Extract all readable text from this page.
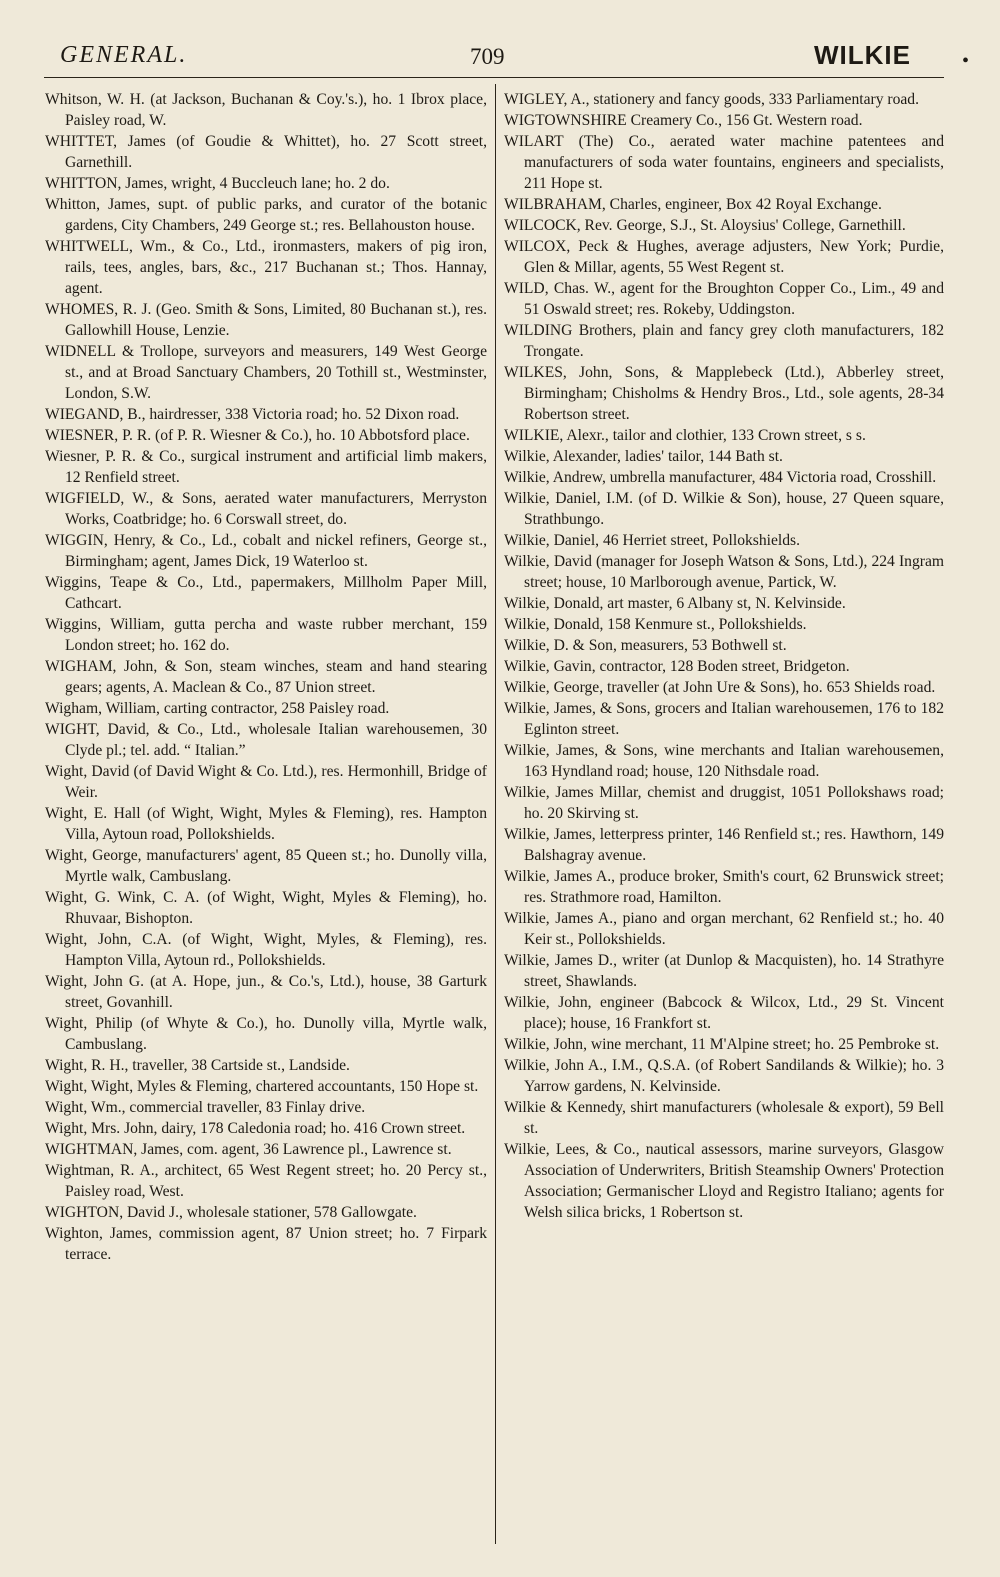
GENERAL.	709	WILKIE	•

Whitson, W. H. (at Jackson, Buchanan & Coy.'s.), ho. 1 Ibrox place, Paisley road, W.

WHITTET, James (of Goudie & Whittet), ho. 27 Scott street, Garnethill.

WHITTON, James, wright, 4 Buccleuch lane; ho. 2 do.

Whitton, James, supt. of public parks, and curator of the botanic gardens, City Chambers, 249 George st.; res. Bellahouston house.

WHITWELL, Wm., & Co., Ltd., ironmasters, makers of pig iron, rails, tees, angles, bars, &c., 217 Buchanan st.; Thos. Hannay, agent.

WHOMES, R. J. (Geo. Smith & Sons, Limited, 80 Buchanan st.), res. Gallowhill House, Lenzie.

WIDNELL & Trollope, surveyors and measurers, 149 West George st., and at Broad Sanctuary Chambers, 20 Tothill st., Westminster, London, S.W.

WIEGAND, B., hairdresser, 338 Victoria road; ho. 52 Dixon road.

WIESNER, P. R. (of P. R. Wiesner & Co.), ho. 10 Abbotsford place.

Wiesner, P. R. & Co., surgical instrument and artificial limb makers, 12 Renfield street.

WIGFIELD, W., & Sons, aerated water manufacturers, Merryston Works, Coatbridge; ho. 6 Corswall street, do.

WIGGIN, Henry, & Co., Ld., cobalt and nickel refiners, George st., Birmingham; agent, James Dick, 19 Waterloo st.

Wiggins, Teape & Co., Ltd., papermakers, Millholm Paper Mill, Cathcart.

Wiggins, William, gutta percha and waste rubber merchant, 159 London street; ho. 162 do.

WIGHAM, John, & Son, steam winches, steam and hand stearing gears; agents, A. Maclean & Co., 87 Union street.

Wigham, William, carting contractor, 258 Paisley road.

WIGHT, David, & Co., Ltd., wholesale Italian warehousemen, 30 Clyde pl.; tel. add. “ Italian.”

Wight, David (of David Wight & Co. Ltd.), res. Hermonhill, Bridge of Weir.

Wight, E. Hall (of Wight, Wight, Myles & Fleming), res. Hampton Villa, Aytoun road, Pollokshields.

Wight, George, manufacturers' agent, 85 Queen st.; ho. Dunolly villa, Myrtle walk, Cambuslang.

Wight, G. Wink, C. A. (of Wight, Wight, Myles & Fleming), ho. Rhuvaar, Bishopton.

Wight, John, C.A. (of Wight, Wight, Myles, & Fleming), res. Hampton Villa, Aytoun rd., Pollokshields.

Wight, John G. (at A. Hope, jun., & Co.'s, Ltd.), house, 38 Garturk street, Govanhill.

Wight, Philip (of Whyte & Co.), ho. Dunolly villa, Myrtle walk, Cambuslang.

Wight, R. H., traveller, 38 Cartside st., Landside.

Wight, Wight, Myles & Fleming, chartered accountants, 150 Hope st.

Wight, Wm., commercial traveller, 83 Finlay drive.

Wight, Mrs. John, dairy, 178 Caledonia road; ho. 416 Crown street.

WIGHTMAN, James, com. agent, 36 Lawrence pl., Lawrence st.

Wightman, R. A., architect, 65 West Regent street; ho. 20 Percy st., Paisley road, West.

WIGHTON, David J., wholesale stationer, 578 Gallowgate.

Wighton, James, commission agent, 87 Union street; ho. 7 Firpark terrace.

WIGLEY, A., stationery and fancy goods, 333 Parliamentary road.

WIGTOWNSHIRE Creamery Co., 156 Gt. Western road.

WILART (The) Co., aerated water machine patentees and manufacturers of soda water fountains, engineers and specialists, 211 Hope st.

WILBRAHAM, Charles, engineer, Box 42 Royal Exchange.

WILCOCK, Rev. George, S.J., St. Aloysius' College, Garnethill.

WILCOX, Peck & Hughes, average adjusters, New York; Purdie, Glen & Millar, agents, 55 West Regent st.

WILD, Chas. W., agent for the Broughton Copper Co., Lim., 49 and 51 Oswald street; res. Rokeby, Uddingston.

WILDING Brothers, plain and fancy grey cloth manufacturers, 182 Trongate.

WILKES, John, Sons, & Mapplebeck (Ltd.), Abberley street, Birmingham; Chisholms & Hendry Bros., Ltd., sole agents, 28-34 Robertson street.

WILKIE, Alexr., tailor and clothier, 133 Crown street, s s.

Wilkie, Alexander, ladies' tailor, 144 Bath st.

Wilkie, Andrew, umbrella manufacturer, 484 Victoria road, Crosshill.

Wilkie, Daniel, I.M. (of D. Wilkie & Son), house, 27 Queen square, Strathbungo.

Wilkie, Daniel, 46 Herriet street, Pollokshields.

Wilkie, David (manager for Joseph Watson & Sons, Ltd.), 224 Ingram street; house, 10 Marlborough avenue, Partick, W.

Wilkie, Donald, art master, 6 Albany st, N. Kelvinside.

Wilkie, Donald, 158 Kenmure st., Pollokshields.

Wilkie, D. & Son, measurers, 53 Bothwell st.

Wilkie, Gavin, contractor, 128 Boden street, Bridgeton.

Wilkie, George, traveller (at John Ure & Sons), ho. 653 Shields road.

Wilkie, James, & Sons, grocers and Italian warehousemen, 176 to 182 Eglinton street.

Wilkie, James, & Sons, wine merchants and Italian warehousemen, 163 Hyndland road; house, 120 Nithsdale road.

Wilkie, James Millar, chemist and druggist, 1051 Pollokshaws road; ho. 20 Skirving st.

Wilkie, James, letterpress printer, 146 Renfield st.; res. Hawthorn, 149 Balshagray avenue.

Wilkie, James A., produce broker, Smith's court, 62 Brunswick street; res. Strathmore road, Hamilton.

Wilkie, James A., piano and organ merchant, 62 Renfield st.; ho. 40 Keir st., Pollokshields.

Wilkie, James D., writer (at Dunlop & Macquisten), ho. 14 Strathyre street, Shawlands.

Wilkie, John, engineer (Babcock & Wilcox, Ltd., 29 St. Vincent place); house, 16 Frankfort st.

Wilkie, John, wine merchant, 11 M'Alpine street; ho. 25 Pembroke st.

Wilkie, John A., I.M., Q.S.A. (of Robert Sandilands & Wilkie); ho. 3 Yarrow gardens, N. Kelvinside.

Wilkie & Kennedy, shirt manufacturers (wholesale & export), 59 Bell st.

Wilkie, Lees, & Co., nautical assessors, marine surveyors, Glasgow Association of Underwriters, British Steamship Owners' Protection Association; Germanischer Lloyd and Registro Italiano; agents for Welsh silica bricks, 1 Robertson st.
